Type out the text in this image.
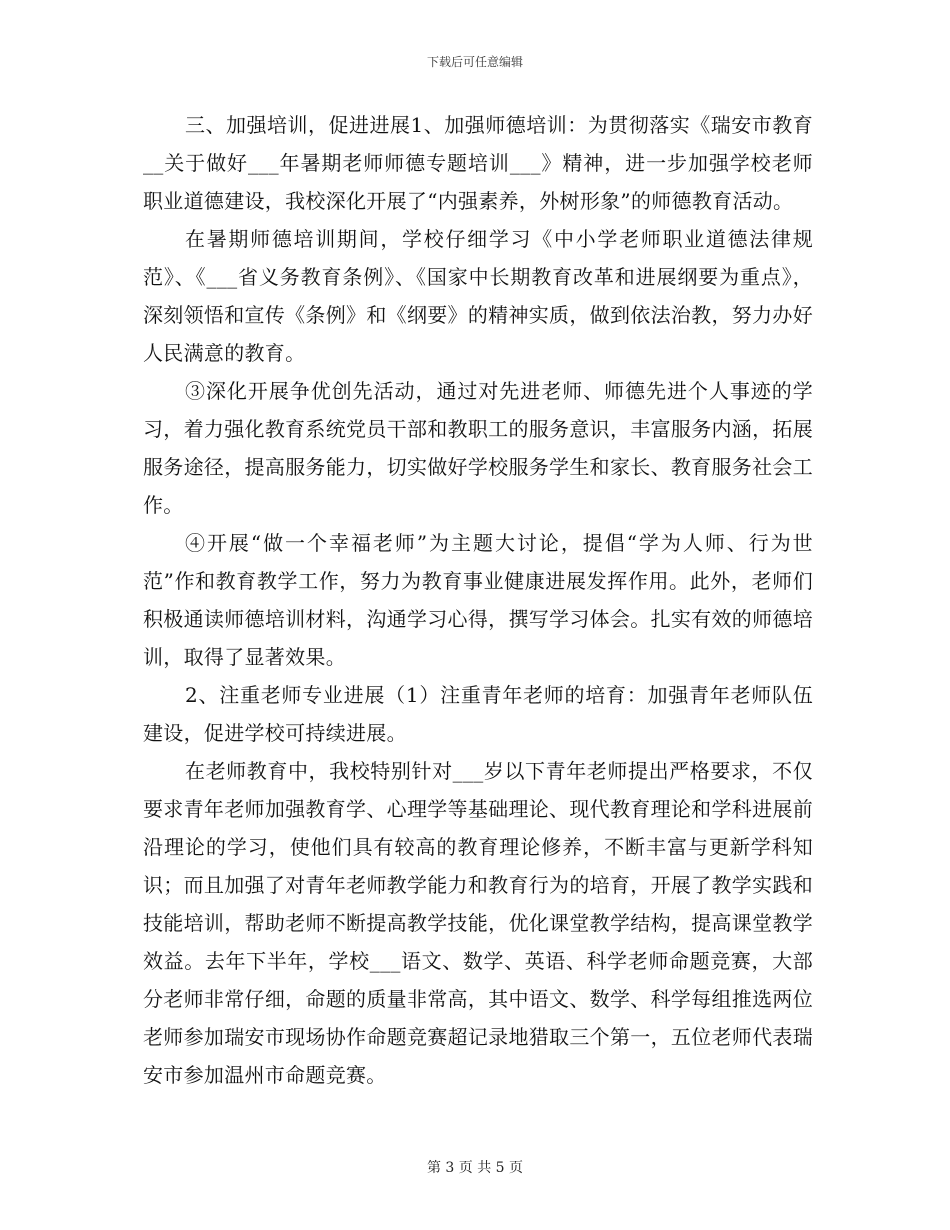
下载后可任意编辑

三、加强培训，促进进展1、加强师德培训：为贯彻落实《瑞安市教育__关于做好___年暑期老师师德专题培训___》精神，进一步加强学校老师职业道德建设，我校深化开展了“内强素养，外树形象”的师德教育活动。

在暑期师德培训期间，学校仔细学习《中小学老师职业道德法律规范》、《___省义务教育条例》、《国家中长期教育改革和进展纲要为重点》，深刻领悟和宣传《条例》和《纲要》的精神实质，做到依法治教，努力办好人民满意的教育。

③深化开展争优创先活动，通过对先进老师、师德先进个人事迹的学习，着力强化教育系统党员干部和教职工的服务意识，丰富服务内涵，拓展服务途径，提高服务能力，切实做好学校服务学生和家长、教育服务社会工作。

④开展“做一个幸福老师”为主题大讨论，提倡“学为人师、行为世范”作和教育教学工作，努力为教育事业健康进展发挥作用。此外，老师们积极通读师德培训材料，沟通学习心得，撰写学习体会。扎实有效的师德培训，取得了显著效果。

2、注重老师专业进展（1）注重青年老师的培育：加强青年老师队伍建设，促进学校可持续进展。

在老师教育中，我校特别针对___岁以下青年老师提出严格要求，不仅要求青年老师加强教育学、心理学等基础理论、现代教育理论和学科进展前沿理论的学习，使他们具有较高的教育理论修养，不断丰富与更新学科知识；而且加强了对青年老师教学能力和教育行为的培育，开展了教学实践和技能培训，帮助老师不断提高教学技能，优化课堂教学结构，提高课堂教学效益。去年下半年，学校___语文、数学、英语、科学老师命题竞赛，大部分老师非常仔细，命题的质量非常高，其中语文、数学、科学每组推选两位老师参加瑞安市现场协作命题竞赛超记录地猎取三个第一，五位老师代表瑞安市参加温州市命题竞赛。

第 3 页 共 5 页
